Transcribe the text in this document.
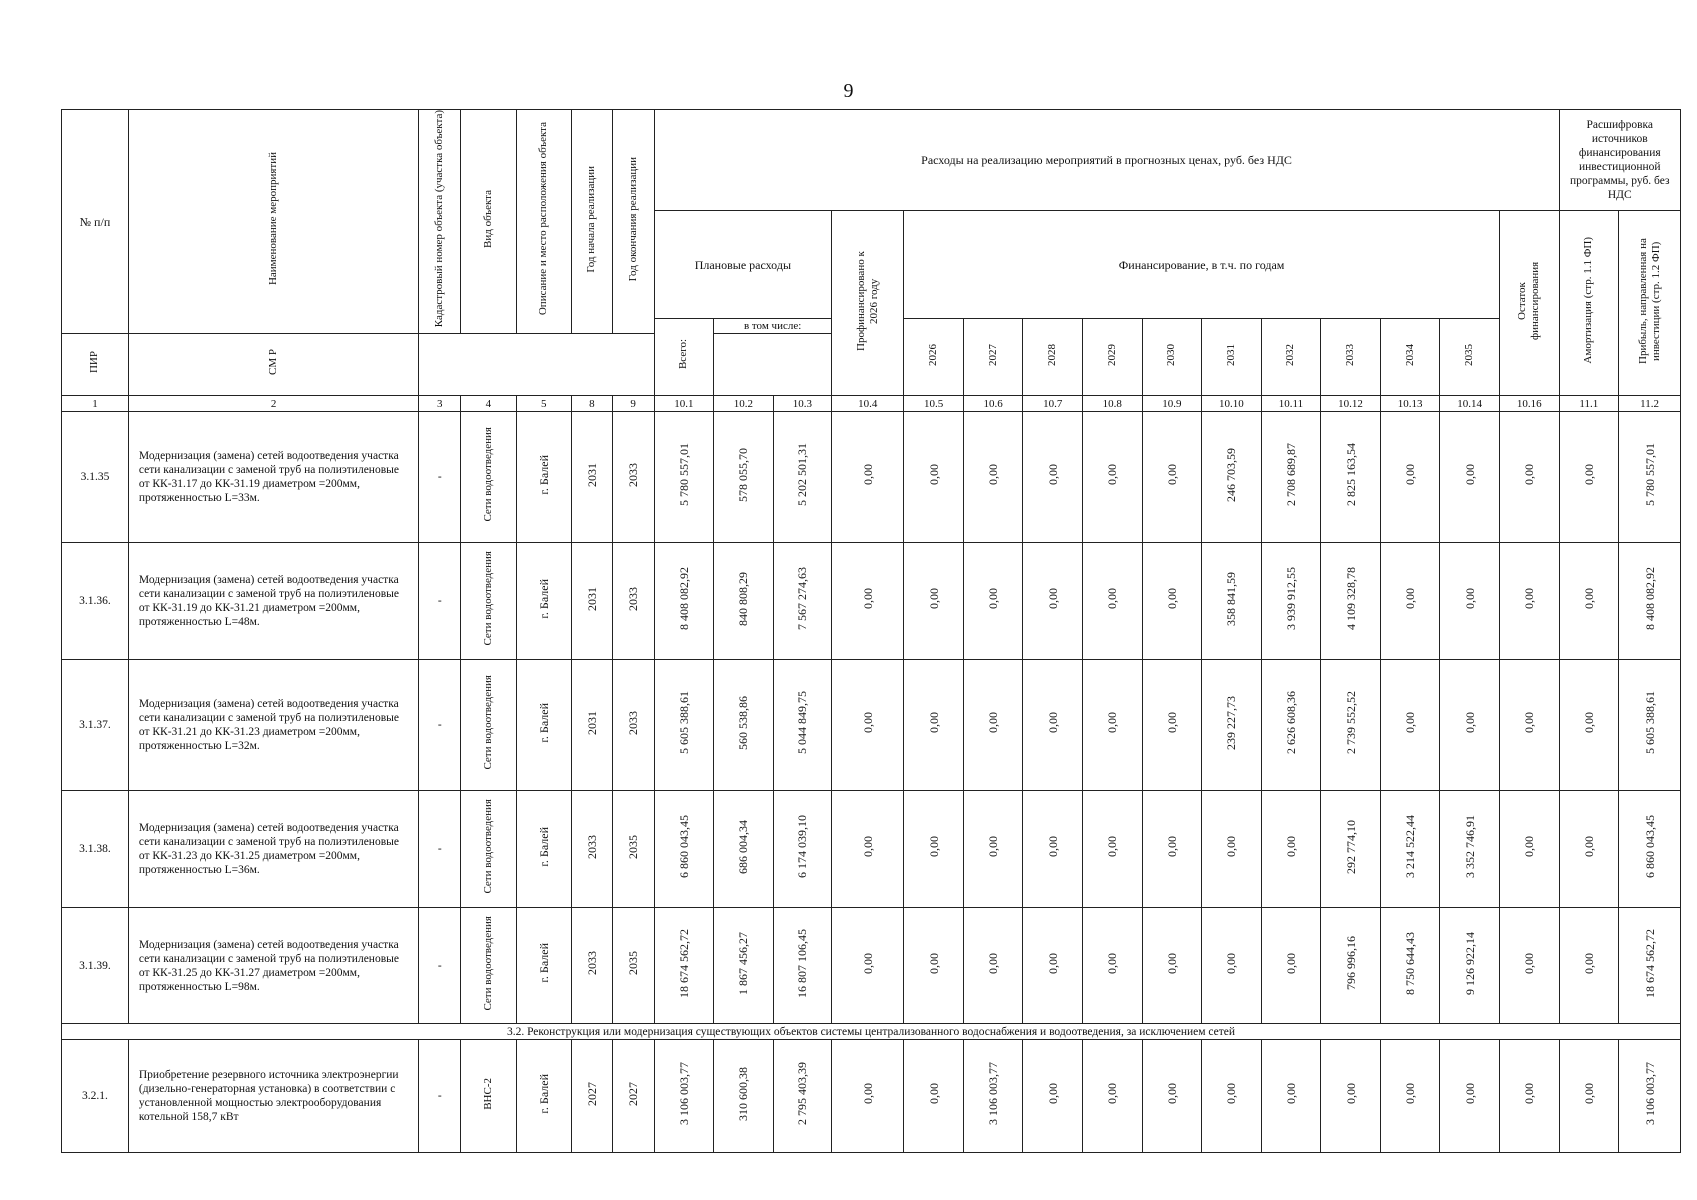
9
№ п/п	Наименование мероприятий	Кадастровый номер объекта (участка объекта)	Вид объекта	Описание и место расположения объекта	Год начала реализации	Год окончания реализации	Расходы на реализацию мероприятий в прогнозных ценах, руб. без НДС															Расшифровка источников финансирования инвестиционной программы, руб. без НДС	
							Плановые расходы			Профинансировано к 2026 году	Финансирование, в т.ч. по годам										Остаток финансирования	Амортизация (стр. 1.1 ФП)	Прибыль, направленная на инвестиции (стр. 1.2 ФП)
							Всего:	в том числе:			2026	2027	2028	2029	2030	2031	2032	2033	2034	2035			
ПИР	СМ Р																						
1	2	3	4	5	8	9	10.1	10.2	10.3	10.4	10.5	10.6	10.7	10.8	10.9	10.10	10.11	10.12	10.13	10.14	10.16	11.1	11.2
3.1.35	Модернизация (замена) сетей водоотведения участка сети канализации с заменой труб на полиэтиленовые от КК-31.17 до КК-31.19 диаметром =200мм, протяженностью L=33м.	-	Сети водоотведения	г. Балей	2031	2033	5 780 557,01	578 055,70	5 202 501,31	0,00	0,00	0,00	0,00	0,00	0,00	246 703,59	2 708 689,87	2 825 163,54	0,00	0,00	0,00	0,00	5 780 557,01
3.1.36.	Модернизация (замена) сетей водоотведения участка сети канализации с заменой труб на полиэтиленовые от КК-31.19 до КК-31.21 диаметром =200мм, протяженностью L=48м.	-	Сети водоотведения	г. Балей	2031	2033	8 408 082,92	840 808,29	7 567 274,63	0,00	0,00	0,00	0,00	0,00	0,00	358 841,59	3 939 912,55	4 109 328,78	0,00	0,00	0,00	0,00	8 408 082,92
3.1.37.	Модернизация (замена) сетей водоотведения участка сети канализации с заменой труб на полиэтиленовые от КК-31.21 до КК-31.23 диаметром =200мм, протяженностью L=32м.	-	Сети водоотведения	г. Балей	2031	2033	5 605 388,61	560 538,86	5 044 849,75	0,00	0,00	0,00	0,00	0,00	0,00	239 227,73	2 626 608,36	2 739 552,52	0,00	0,00	0,00	0,00	5 605 388,61
3.1.38.	Модернизация (замена) сетей водоотведения участка сети канализации с заменой труб на полиэтиленовые от КК-31.23 до КК-31.25 диаметром =200мм, протяженностью L=36м.	-	Сети водоотведения	г. Балей	2033	2035	6 860 043,45	686 004,34	6 174 039,10	0,00	0,00	0,00	0,00	0,00	0,00	0,00	0,00	292 774,10	3 214 522,44	3 352 746,91	0,00	0,00	6 860 043,45
3.1.39.	Модернизация (замена) сетей водоотведения участка сети канализации с заменой труб на полиэтиленовые от КК-31.25 до КК-31.27 диаметром =200мм, протяженностью L=98м.	-	Сети водоотведения	г. Балей	2033	2035	18 674 562,72	1 867 456,27	16 807 106,45	0,00	0,00	0,00	0,00	0,00	0,00	0,00	0,00	796 996,16	8 750 644,43	9 126 922,14	0,00	0,00	18 674 562,72
3.2. Реконструкция или модернизация существующих объектов системы централизованного водоснабжения и водоотведения, за исключением сетей																							
3.2.1.	Приобретение резервного источника электроэнергии (дизельно-генераторная установка) в соответствии с установленной мощностью электрооборудования котельной 158,7 кВт	-	ВНС-2	г. Балей	2027	2027	3 106 003,77	310 600,38	2 795 403,39	0,00	0,00	3 106 003,77	0,00	0,00	0,00	0,00	0,00	0,00	0,00	0,00	0,00	0,00	3 106 003,77
